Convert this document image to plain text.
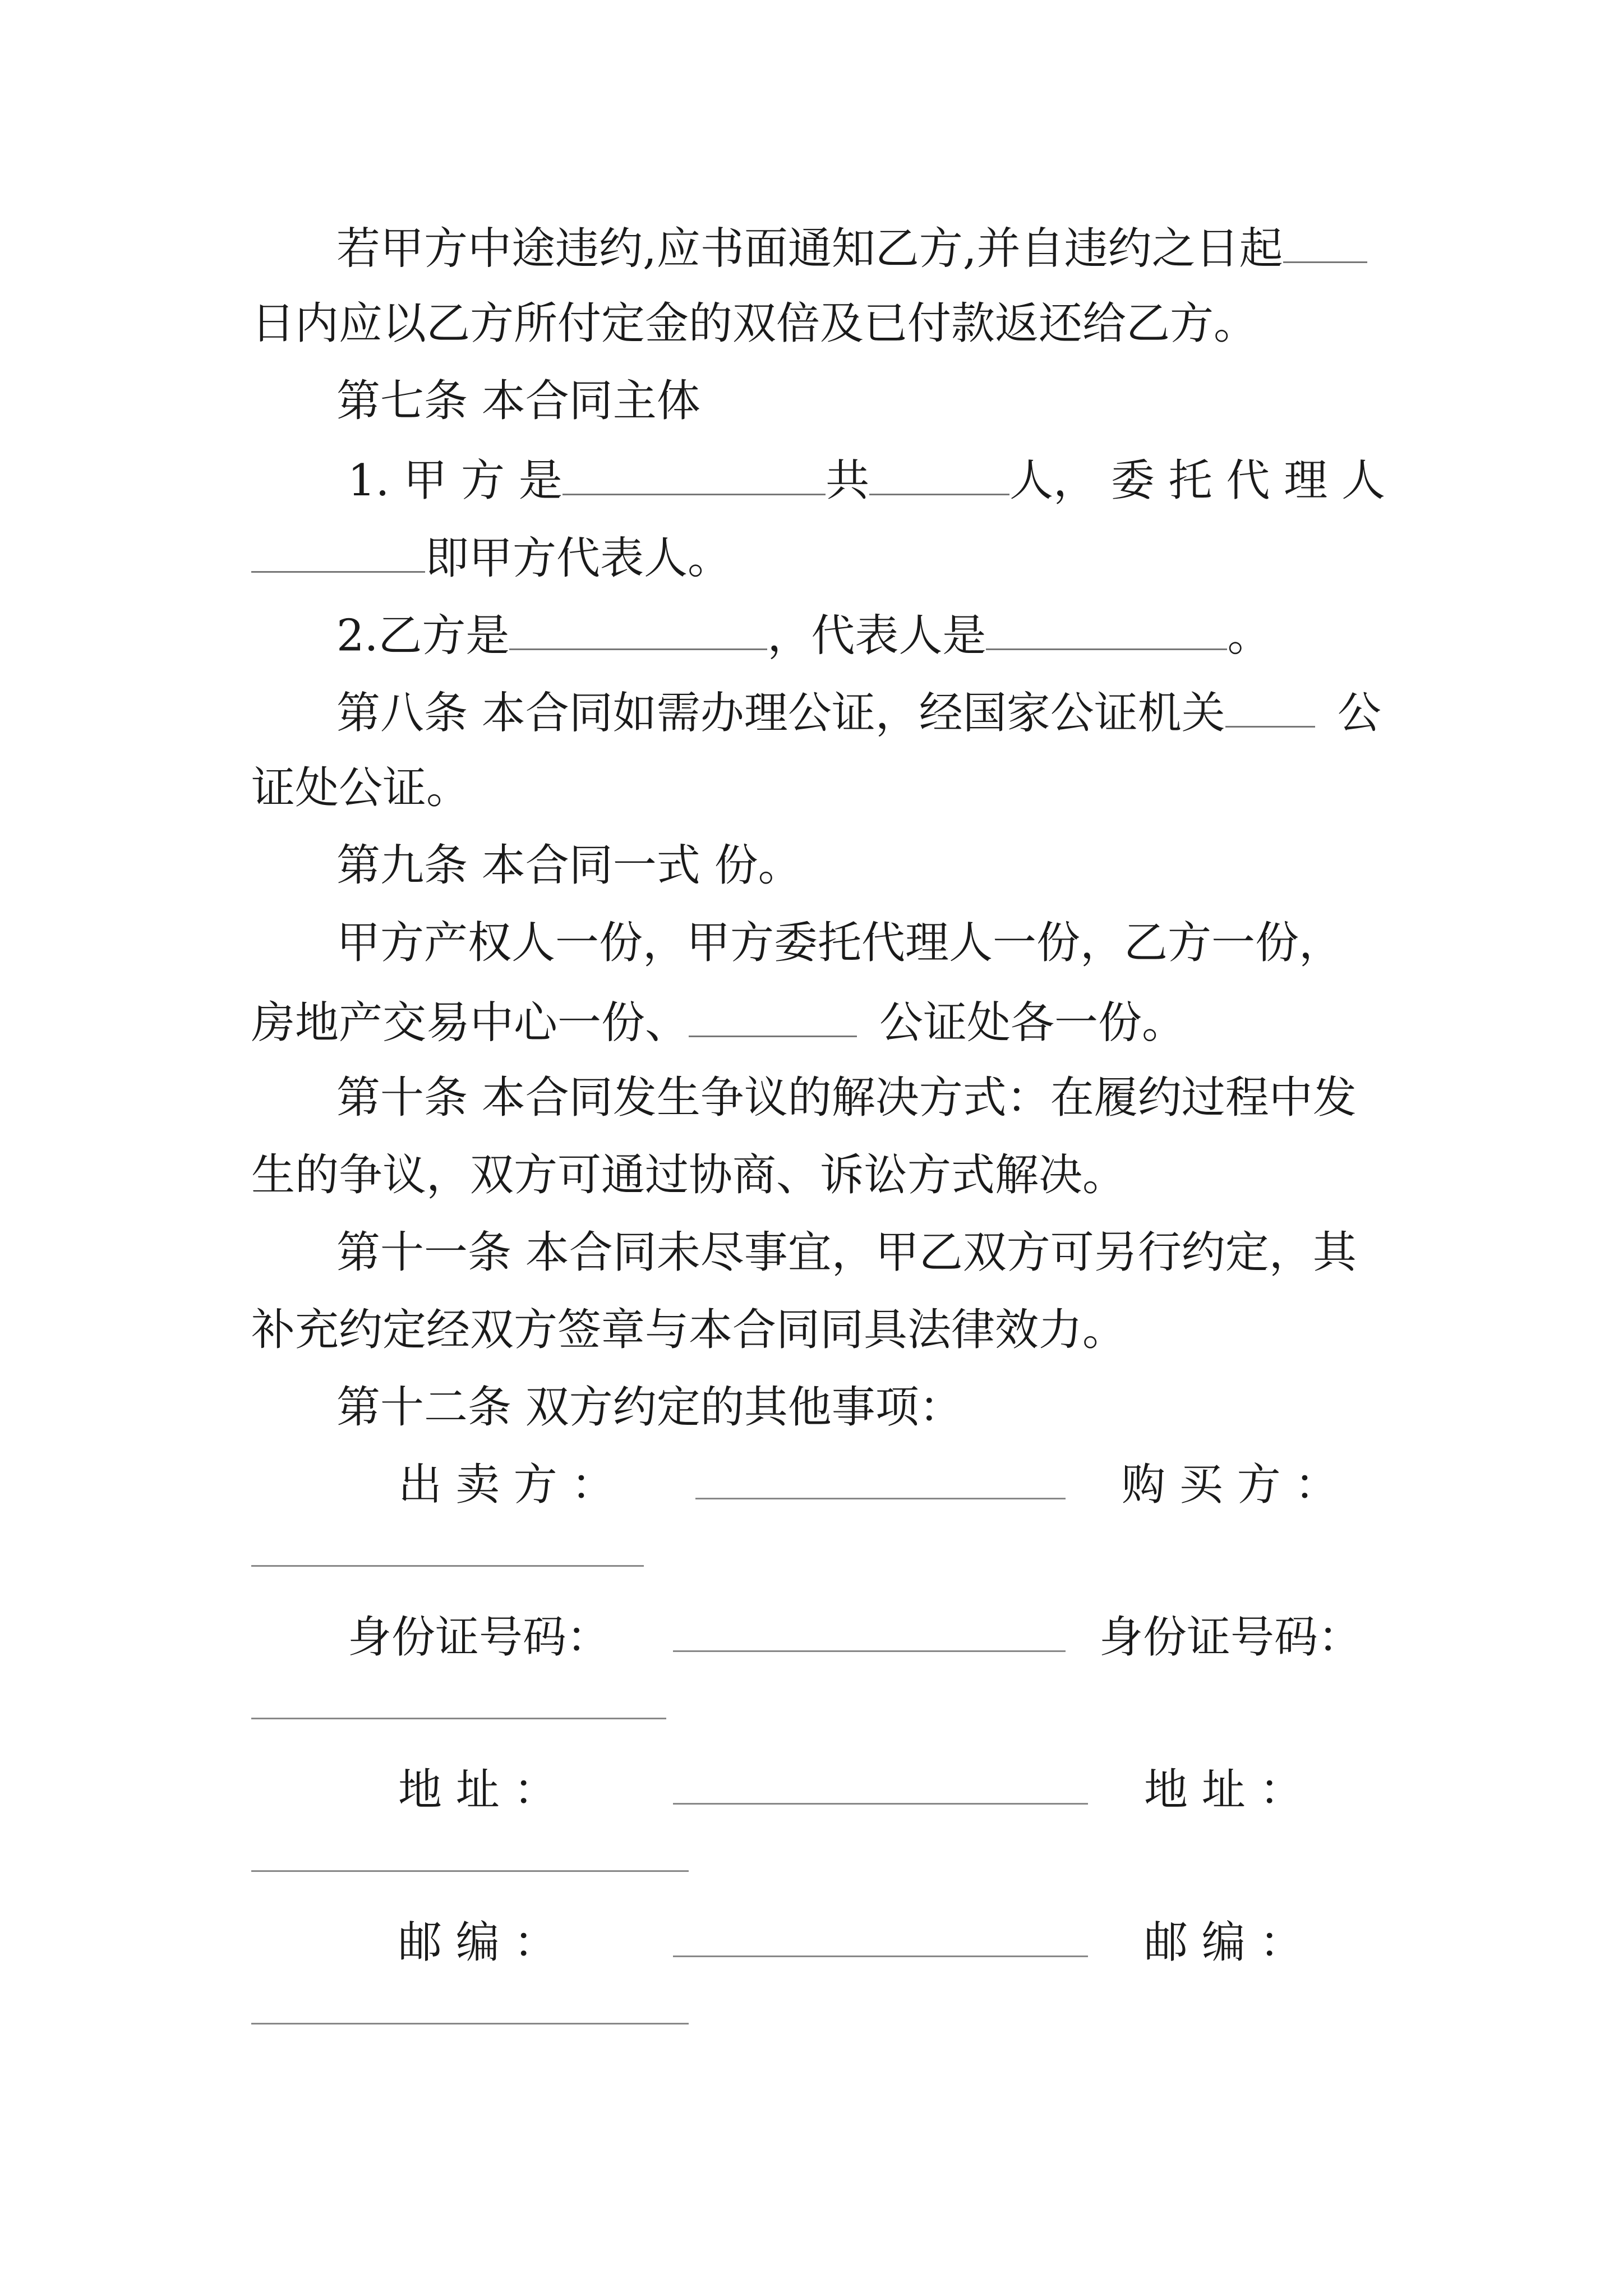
若甲方中途违约,应书面通知乙方,并自违约之日起
日内应以乙方所付定金的双倍及已付款返还给乙方。
第七条 本合同主体
1. 甲 方 是	共	人， 委 托 代 理 人
即甲方代表人。
2.乙方是	，代表人是	。
第八条 本合同如需办理公证，经国家公证机关	公
证处公证。
第九条 本合同一式 份。
甲方产权人一份，甲方委托代理人一份，乙方一份，
房地产交易中心一份、	公证处各一份。
第十条 本合同发生争议的解决方式：在履约过程中发
生的争议，双方可通过协商、诉讼方式解决。
第十一条 本合同未尽事宜，甲乙双方可另行约定，其
补充约定经双方签章与本合同同具法律效力。
第十二条 双方约定的其他事项：
出 卖 方 ：	购 买 方 ：
身份证号码：	身份证号码：
地 址 ：	地 址 ：
邮 编 ：	邮 编 ：
